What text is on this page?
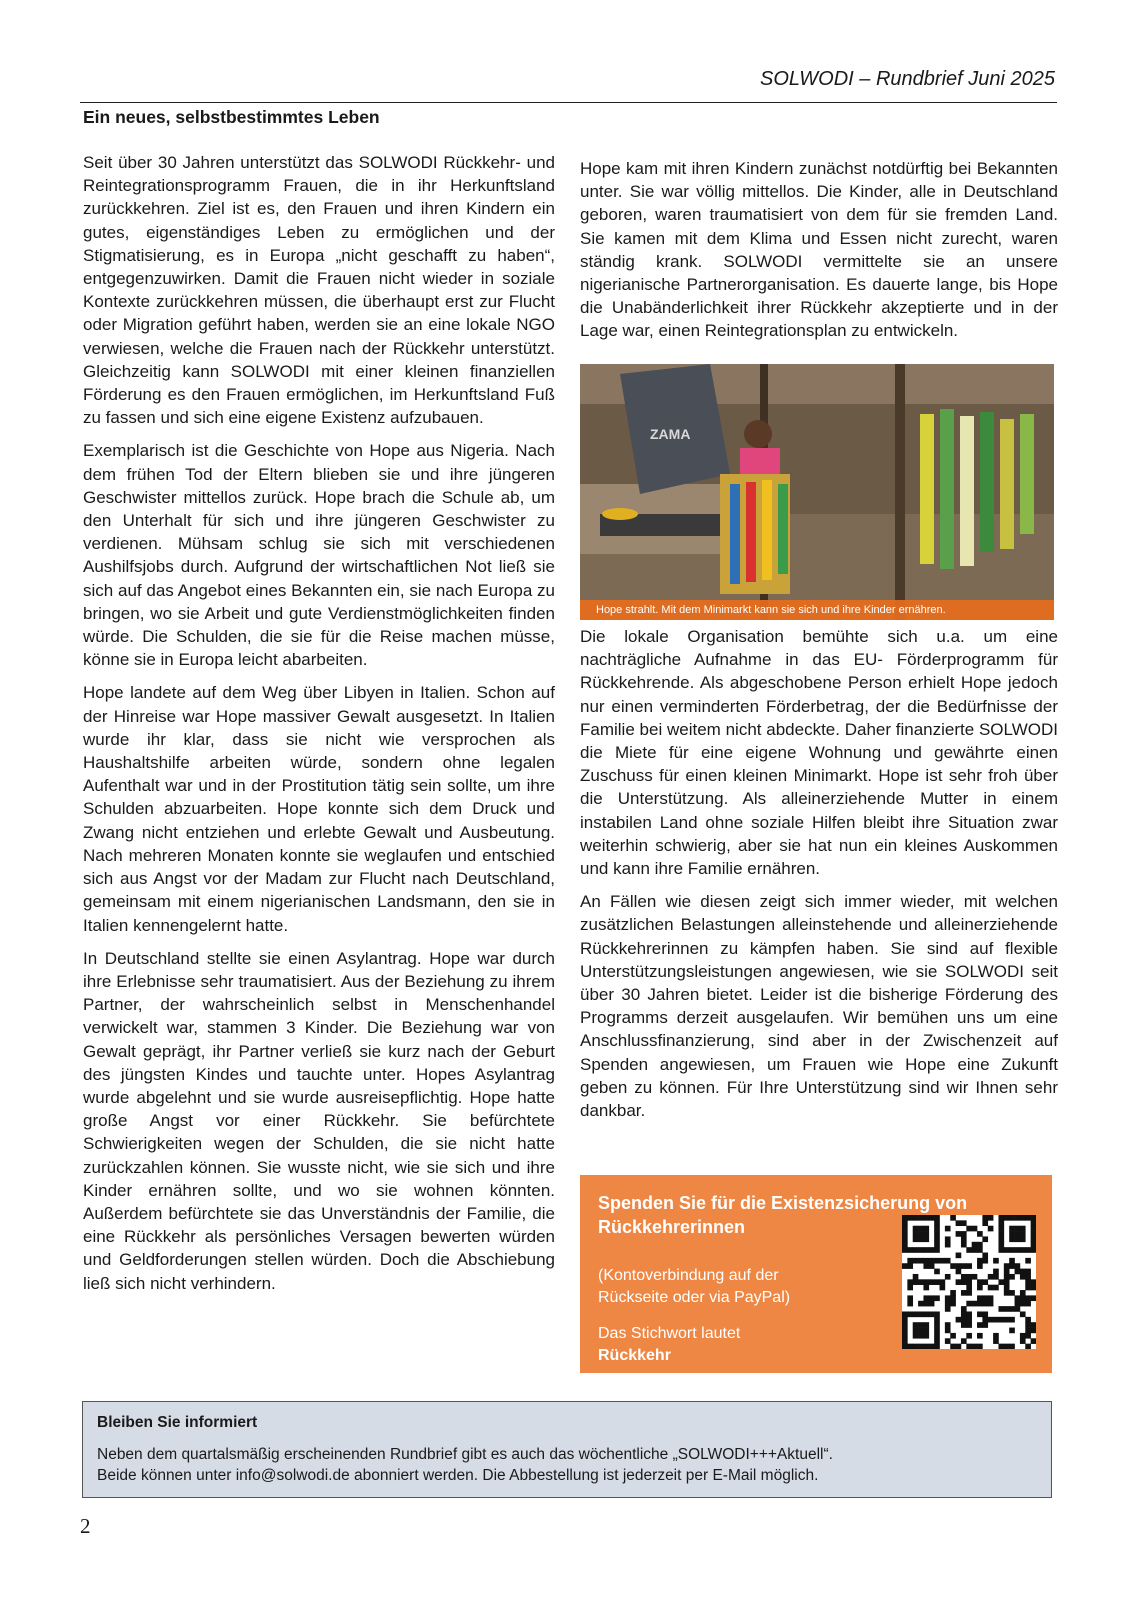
SOLWODI – Rundbrief Juni 2025
Ein neues, selbstbestimmtes Leben

Seit über 30 Jahren unterstützt das SOLWODI Rückkehr- und Reintegrationsprogramm Frauen, die in ihr Herkunftsland zurückkehren. Ziel ist es, den Frauen und ihren Kindern ein gutes, eigenständiges Leben zu ermöglichen und der Stigmatisierung, es in Europa „nicht geschafft zu haben“, entgegenzuwirken. Damit die Frauen nicht wieder in soziale Kontexte zurückkehren müssen, die überhaupt erst zur Flucht oder Migration geführt haben, werden sie an eine lokale NGO verwiesen, welche die Frauen nach der Rückkehr unterstützt. Gleichzeitig kann SOLWODI mit einer kleinen finanziellen Förderung es den Frauen ermöglichen, im Herkunftsland Fuß zu fassen und sich eine eigene Existenz aufzubauen.

Exemplarisch ist die Geschichte von Hope aus Nigeria. Nach dem frühen Tod der Eltern blieben sie und ihre jüngeren Geschwister mittellos zurück. Hope brach die Schule ab, um den Unterhalt für sich und ihre jüngeren Geschwister zu verdienen. Mühsam schlug sie sich mit verschiedenen Aushilfsjobs durch. Aufgrund der wirtschaftlichen Not ließ sie sich auf das Angebot eines Bekannten ein, sie nach Europa zu bringen, wo sie Arbeit und gute Verdienstmöglichkeiten finden würde. Die Schulden, die sie für die Reise machen müsse, könne sie in Europa leicht abarbeiten.

Hope landete auf dem Weg über Libyen in Italien. Schon auf der Hinreise war Hope massiver Gewalt ausgesetzt. In Italien wurde ihr klar, dass sie nicht wie versprochen als Haushaltshilfe arbeiten würde, sondern ohne legalen Aufenthalt war und in der Prostitution tätig sein sollte, um ihre Schulden abzuarbeiten. Hope konnte sich dem Druck und Zwang nicht entziehen und erlebte Gewalt und Ausbeutung. Nach mehreren Monaten konnte sie weglaufen und entschied sich aus Angst vor der Madam zur Flucht nach Deutschland, gemeinsam mit einem nigerianischen Landsmann, den sie in Italien kennengelernt hatte.

In Deutschland stellte sie einen Asylantrag. Hope war durch ihre Erlebnisse sehr traumatisiert. Aus der Beziehung zu ihrem Partner, der wahrscheinlich selbst in Menschenhandel verwickelt war, stammen 3 Kinder. Die Beziehung war von Gewalt geprägt, ihr Partner verließ sie kurz nach der Geburt des jüngsten Kindes und tauchte unter. Hopes Asylantrag wurde abgelehnt und sie wurde ausreisepflichtig. Hope hatte große Angst vor einer Rückkehr. Sie befürchtete Schwierigkeiten wegen der Schulden, die sie nicht hatte zurückzahlen können. Sie wusste nicht, wie sie sich und ihre Kinder ernähren sollte, und wo sie wohnen könnten. Außerdem befürchtete sie das Unverständnis der Familie, die eine Rückkehr als persönliches Versagen bewerten würden und Geldforderungen stellen würden. Doch die Abschiebung ließ sich nicht verhindern.

Hope kam mit ihren Kindern zunächst notdürftig bei Bekannten unter. Sie war völlig mittellos. Die Kinder, alle in Deutschland geboren, waren traumatisiert von dem für sie fremden Land. Sie kamen mit dem Klima und Essen nicht zurecht, waren ständig krank. SOLWODI vermittelte sie an unsere nigerianische Partnerorganisation. Es dauerte lange, bis Hope die Unabänderlichkeit ihrer Rückkehr akzeptierte und in der Lage war, einen Reintegrationsplan zu entwickeln.

ZAMA
Hope strahlt. Mit dem Minimarkt kann sie sich und ihre Kinder ernähren.

Die lokale Organisation bemühte sich u.a. um eine nachträgliche Aufnahme in das EU- Förderprogramm für Rückkehrende. Als abgeschobene Person erhielt Hope jedoch nur einen verminderten Förderbetrag, der die Bedürfnisse der Familie bei weitem nicht abdeckte. Daher finanzierte SOLWODI die Miete für eine eigene Wohnung und gewährte einen Zuschuss für einen kleinen Minimarkt. Hope ist sehr froh über die Unterstützung. Als alleinerziehende Mutter in einem instabilen Land ohne soziale Hilfen bleibt ihre Situation zwar weiterhin schwierig, aber sie hat nun ein kleines Auskommen und kann ihre Familie ernähren.

An Fällen wie diesen zeigt sich immer wieder, mit welchen zusätzlichen Belastungen alleinstehende und alleinerziehende Rückkehrerinnen zu kämpfen haben. Sie sind auf flexible Unterstützungsleistungen angewiesen, wie sie SOLWODI seit über 30 Jahren bietet. Leider ist die bisherige Förderung des Programms derzeit ausgelaufen. Wir bemühen uns um eine Anschlussfinanzierung, sind aber in der Zwischenzeit auf Spenden angewiesen, um Frauen wie Hope eine Zukunft geben zu können. Für Ihre Unterstützung sind wir Ihnen sehr dankbar.

Spenden Sie für die Existenzsicherung von Rückkehrerinnen
(Kontoverbindung auf der Rückseite oder via PayPal)
Das Stichwort lautet
Rückkehr
Bleiben Sie informiert
Neben dem quartalsmäßig erscheinenden Rundbrief gibt es auch das wöchentliche „SOLWODI+++Aktuell“.
Beide können unter info@solwodi.de abonniert werden. Die Abbestellung ist jederzeit per E-Mail möglich.
2
